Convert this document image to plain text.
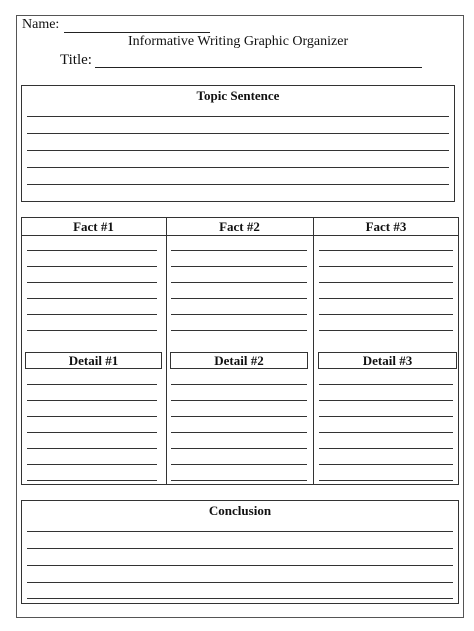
Name:
Informative Writing Graphic Organizer
Title:
Topic Sentence
Fact #1	Fact #2	Fact #3
Detail #1	Detail #2	Detail #3
Conclusion
